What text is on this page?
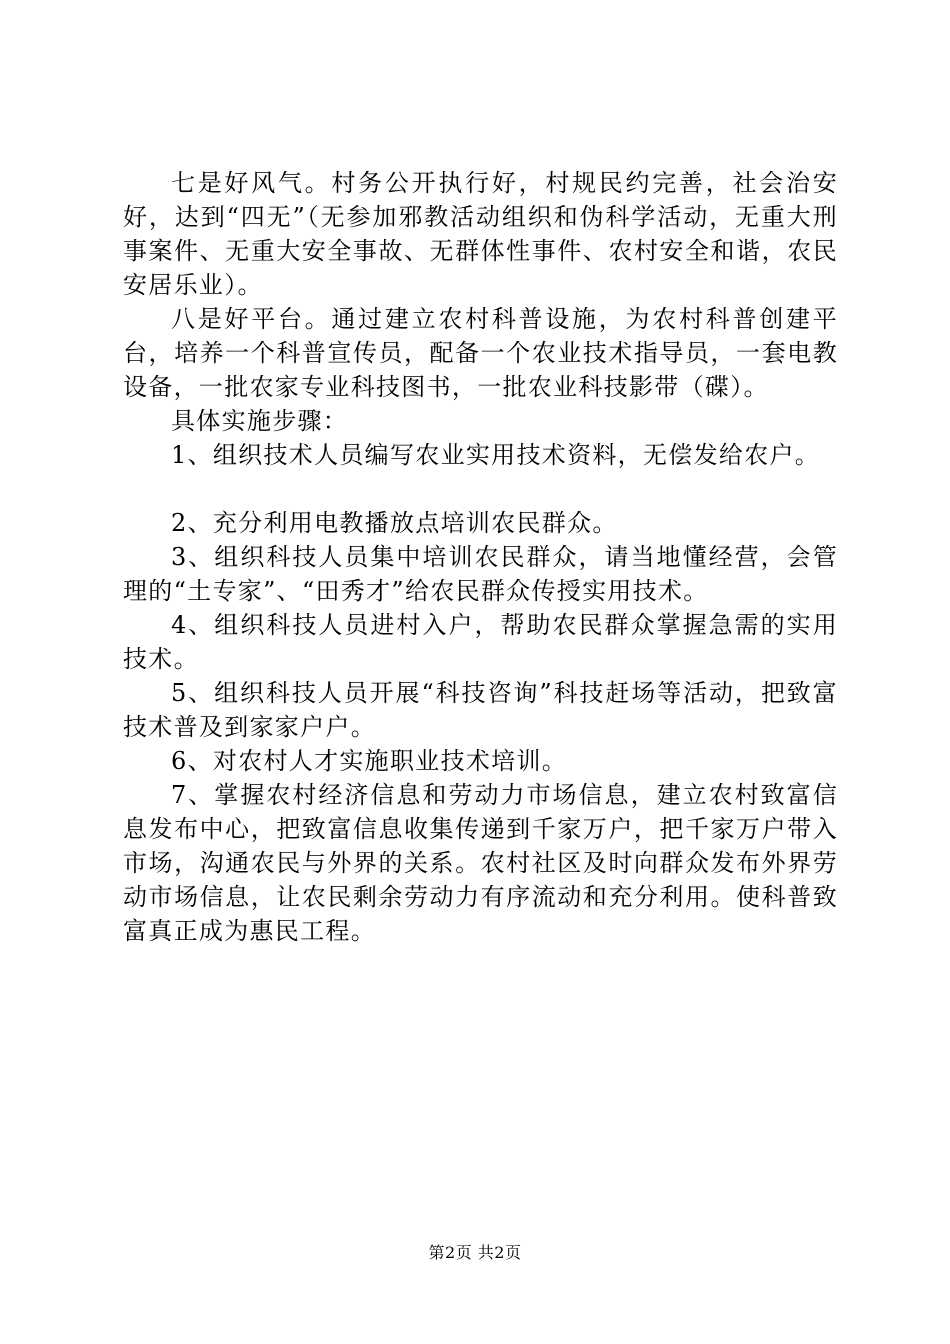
七是好风气。村务公开执行好，村规民约完善，社会治安好，达到“四无”（无参加邪教活动组织和伪科学活动，无重大刑事案件、无重大安全事故、无群体性事件、农村安全和谐，农民安居乐业）。

八是好平台。通过建立农村科普设施，为农村科普创建平台，培养一个科普宣传员，配备一个农业技术指导员，一套电教设备，一批农家专业科技图书，一批农业科技影带（碟）。

具体实施步骤：

1、组织技术人员编写农业实用技术资料，无偿发给农户。

2、充分利用电教播放点培训农民群众。

3、组织科技人员集中培训农民群众，请当地懂经营，会管理的“土专家”、“田秀才”给农民群众传授实用技术。

4、组织科技人员进村入户，帮助农民群众掌握急需的实用技术。

5、组织科技人员开展“科技咨询”科技赶场等活动，把致富技术普及到家家户户。

6、对农村人才实施职业技术培训。

7、掌握农村经济信息和劳动力市场信息，建立农村致富信息发布中心，把致富信息收集传递到千家万户，把千家万户带入市场，沟通农民与外界的关系。农村社区及时向群众发布外界劳动市场信息，让农民剩余劳动力有序流动和充分利用。使科普致富真正成为惠民工程。

第2页 共2页
